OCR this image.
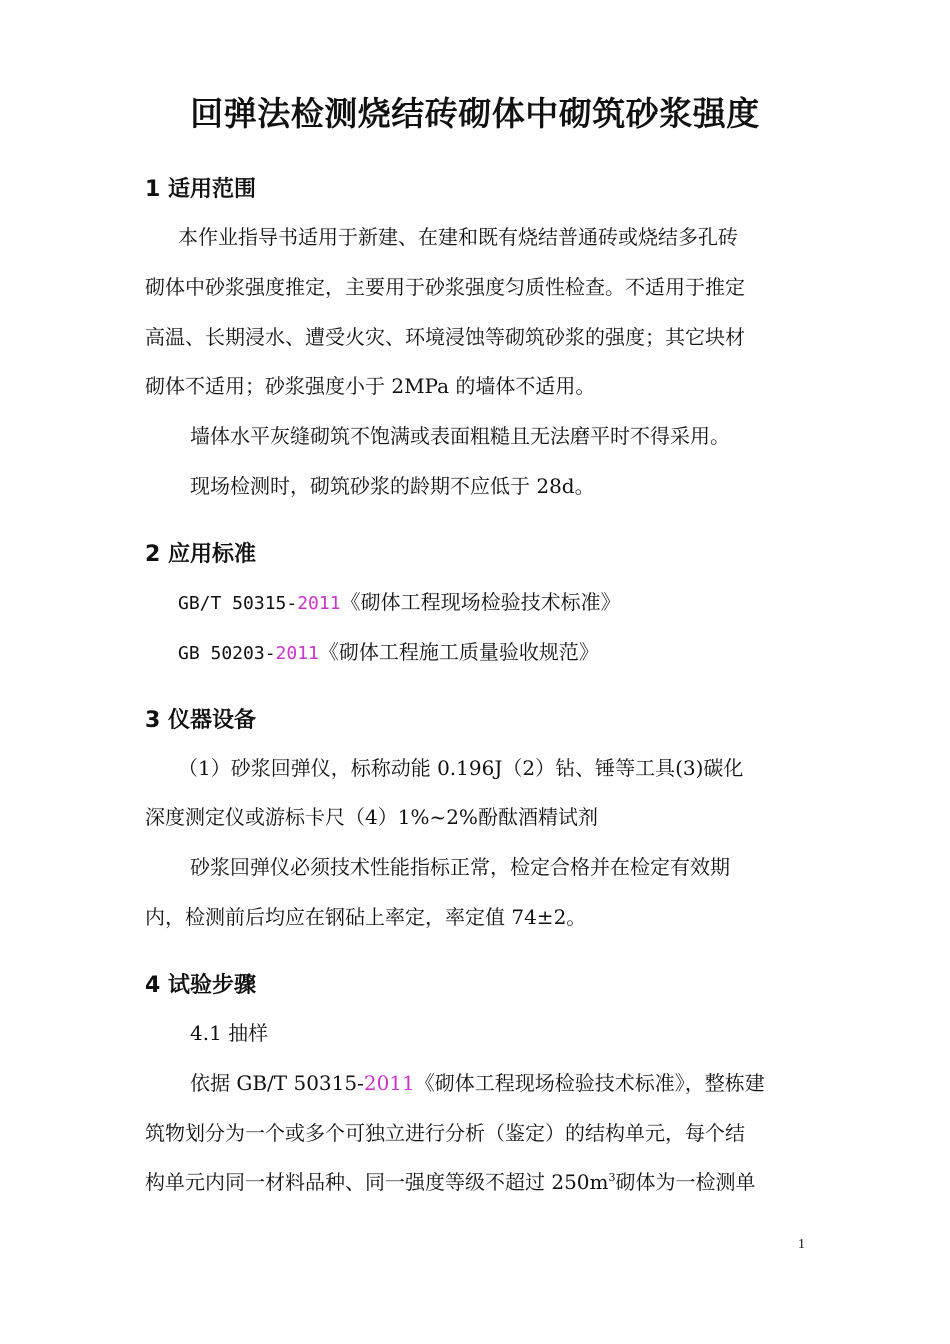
回弹法检测烧结砖砌体中砌筑砂浆强度
1 适用范围
本作业指导书适用于新建、在建和既有烧结普通砖或烧结多孔砖
砌体中砂浆强度推定，主要用于砂浆强度匀质性检查。不适用于推定
高温、长期浸水、遭受火灾、环境浸蚀等砌筑砂浆的强度；其它块材
砌体不适用；砂浆强度小于 2MPa 的墙体不适用。
墙体水平灰缝砌筑不饱满或表面粗糙且无法磨平时不得采用。
现场检测时，砌筑砂浆的龄期不应低于 28d。
2 应用标准
GB/T 50315-2011《砌体工程现场检验技术标准》
GB 50203-2011《砌体工程施工质量验收规范》
3 仪器设备
（1）砂浆回弹仪，标称动能 0.196J（2）钻、锤等工具(3)碳化
深度测定仪或游标卡尺（4）1%~2%酚酞酒精试剂
砂浆回弹仪必须技术性能指标正常，检定合格并在检定有效期
内，检测前后均应在钢砧上率定，率定值 74±2。
4 试验步骤
4.1 抽样
依据 GB/T 50315-2011《砌体工程现场检验技术标准》，整栋建
筑物划分为一个或多个可独立进行分析（鉴定）的结构单元，每个结
构单元内同一材料品种、同一强度等级不超过 $250m^3$砌体为一检测单
1
